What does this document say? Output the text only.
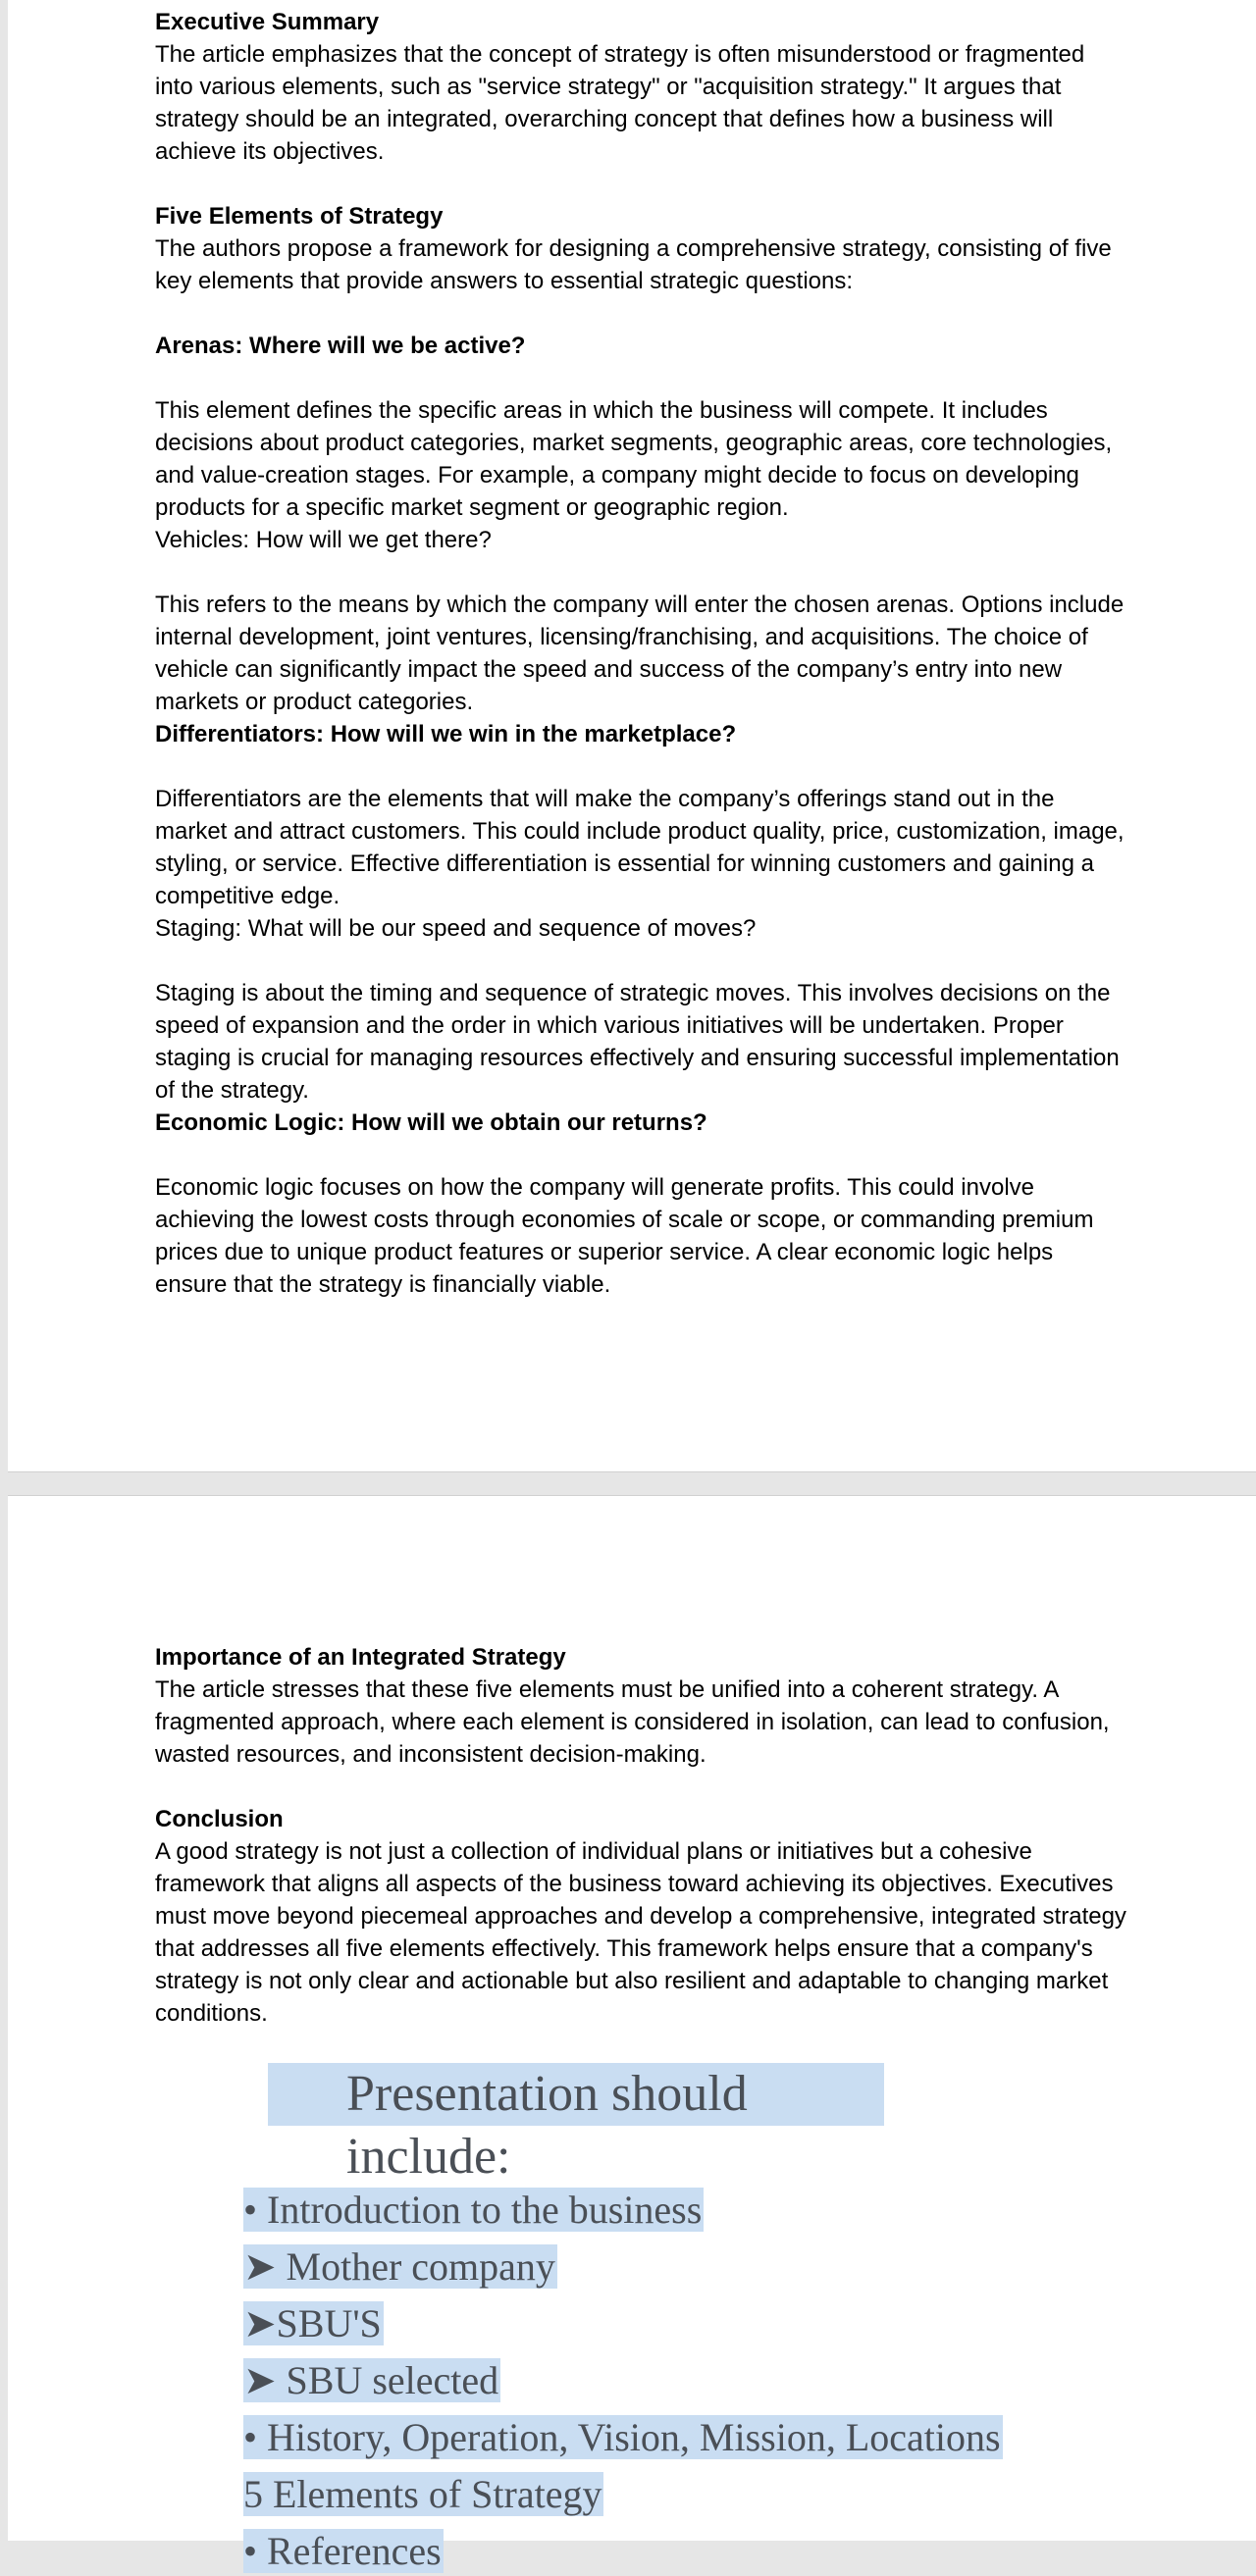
Executive Summary

The article emphasizes that the concept of strategy is often misunderstood or fragmented into various elements, such as "service strategy" or "acquisition strategy." It argues that strategy should be an integrated, overarching concept that defines how a business will achieve its objectives.

Five Elements of Strategy

The authors propose a framework for designing a comprehensive strategy, consisting of five key elements that provide answers to essential strategic questions:

Arenas: Where will we be active?

This element defines the specific areas in which the business will compete. It includes decisions about product categories, market segments, geographic areas, core technologies, and value-creation stages. For example, a company might decide to focus on developing products for a specific market segment or geographic region.

Vehicles: How will we get there?

This refers to the means by which the company will enter the chosen arenas. Options include internal development, joint ventures, licensing/franchising, and acquisitions. The choice of vehicle can significantly impact the speed and success of the company’s entry into new markets or product categories.

Differentiators: How will we win in the marketplace?

Differentiators are the elements that will make the company’s offerings stand out in the market and attract customers. This could include product quality, price, customization, image, styling, or service. Effective differentiation is essential for winning customers and gaining a competitive edge.

Staging: What will be our speed and sequence of moves?

Staging is about the timing and sequence of strategic moves. This involves decisions on the speed of expansion and the order in which various initiatives will be undertaken. Proper staging is crucial for managing resources effectively and ensuring successful implementation of the strategy.

Economic Logic: How will we obtain our returns?

Economic logic focuses on how the company will generate profits. This could involve achieving the lowest costs through economies of scale or scope, or commanding premium prices due to unique product features or superior service. A clear economic logic helps ensure that the strategy is financially viable.

Importance of an Integrated Strategy

The article stresses that these five elements must be unified into a coherent strategy. A fragmented approach, where each element is considered in isolation, can lead to confusion, wasted resources, and inconsistent decision-making.

Conclusion

A good strategy is not just a collection of individual plans or initiatives but a cohesive framework that aligns all aspects of the business toward achieving its objectives. Executives must move beyond piecemeal approaches and develop a comprehensive, integrated strategy that addresses all five elements effectively. This framework helps ensure that a company's strategy is not only clear and actionable but also resilient and adaptable to changing market conditions.

Presentation should include:
• Introduction to the business
➤ Mother company
➤SBU'S
➤ SBU selected
• History, Operation, Vision, Mission, Locations
5 Elements of Strategy
• References
